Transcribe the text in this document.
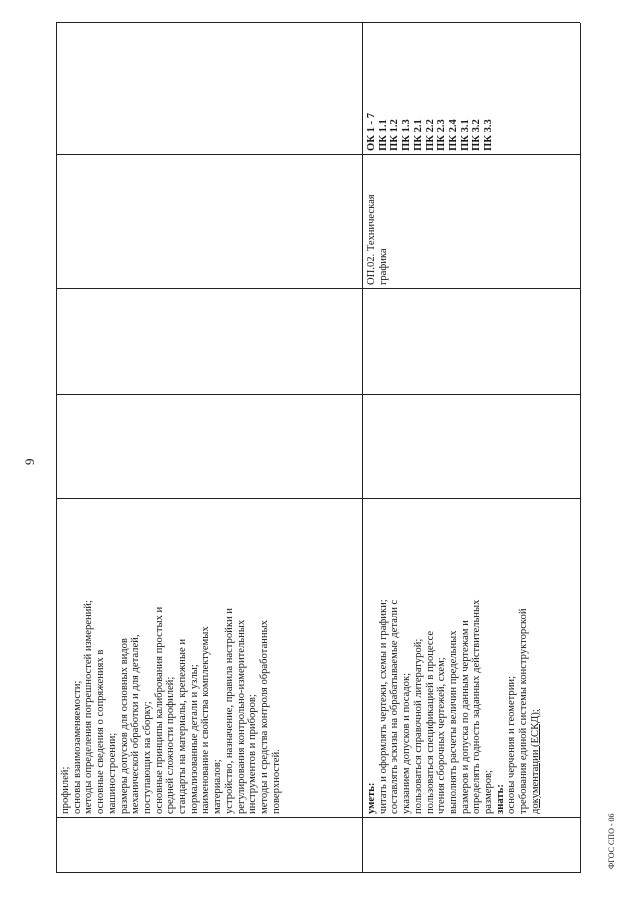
9
профилей; основы взаимозаменяемости; методы определения погрешностей измерений; основные сведения о сопряжениях в машиностроении; размеры допусков для основных видов механической обработки и для деталей, поступающих на сборку; основные принципы калибрования простых и средней сложности профилей; стандарты на материалы, крепежные и нормализованные детали и узлы; наименование и свойства комплектуемых материалов; устройство, назначение, правила настройки и регулирования контрольно-измерительных инструментов и приборов; методы и средства контроля обработанных поверхностей.	уметь: читать и оформлять чертежи, схемы и графики; составлять эскизы на обрабатываемые детали с указанием допусков и посадок; пользоваться справочной литературой; пользоваться спецификацией в процессе чтения сборочных чертежей, схем; выполнять расчеты величин предельных размеров и допуска по данным чертежам и определять годность заданных действительных размеров; знать: основы черчения и геометрии; требования единой системы конструкторской документации (ЕСКД);
ОП.02. Техническая графика
ОК 1 - 7 ПК 1.1 ПК 1.2 ПК 1.3 ПК 2.1 ПК 2.2 ПК 2.3 ПК 2.4 ПК 3.1 ПК 3.2 ПК 3.3
ФГОС СПО - 06
